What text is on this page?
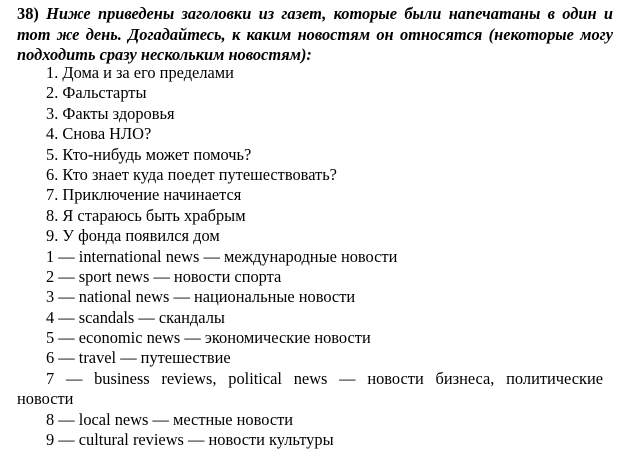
38) Ниже приведены заголовки из газет, которые были напечатаны в один и тот же день. Догадайтесь, к каким новостям он относятся (некоторые могу подходить сразу нескольким новостям):

1. Дома и за его пределами
2. Фальстарты
3. Факты здоровья
4. Снова НЛО?
5. Кто-нибудь может помочь?
6. Кто знает куда поедет путешествовать?
7. Приключение начинается
8. Я стараюсь быть храбрым
9. У фонда появился дом
1 — international news — международные новости
2 — sport news — новости спорта
3 — national news — национальные новости
4 — scandals — скандалы
5 — economic news — экономические новости
6 — travel — путешествие
7 — business reviews, political news — новости бизнеса, политические
новости
8 — local news — местные новости
9 — cultural reviews — новости культуры
